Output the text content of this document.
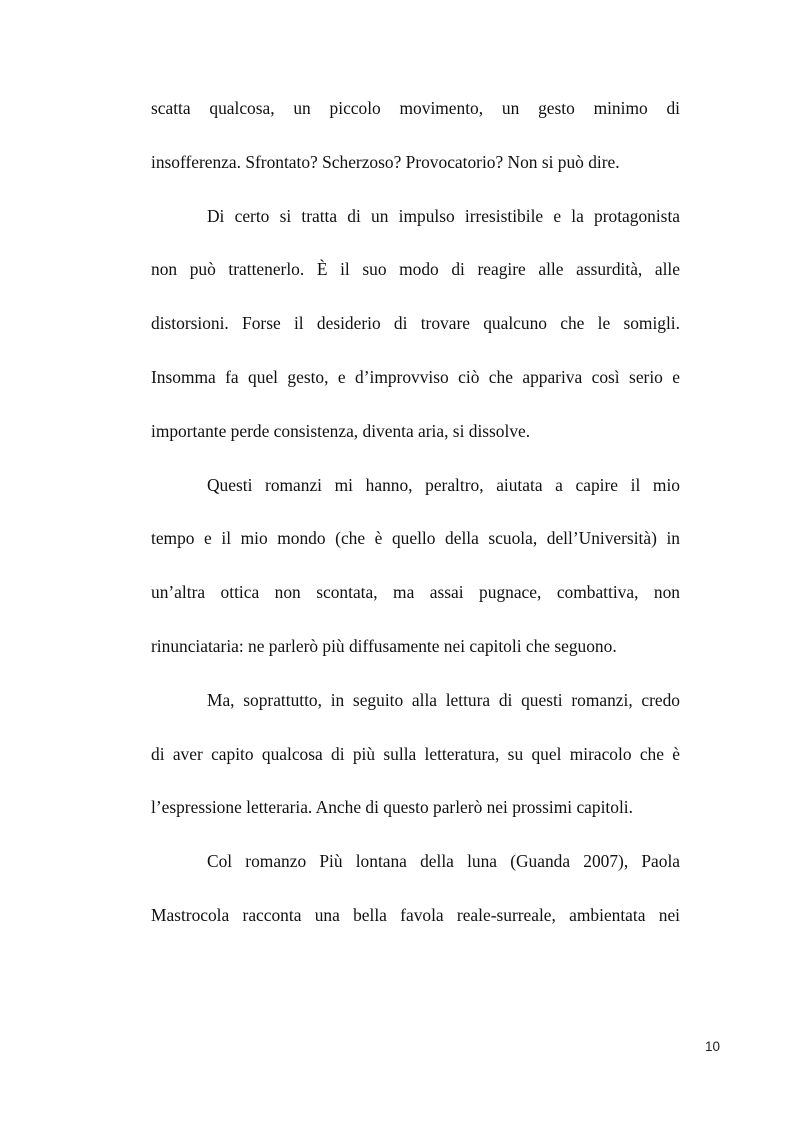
scatta qualcosa, un piccolo movimento, un gesto minimo di
insofferenza. Sfrontato? Scherzoso? Provocatorio? Non si può dire.
Di certo si tratta di un impulso irresistibile e la protagonista
non può trattenerlo. È il suo modo di reagire alle assurdità, alle
distorsioni. Forse il desiderio di trovare qualcuno che le somigli.
Insomma fa quel gesto, e d’improvviso ciò che appariva così serio e
importante perde consistenza, diventa aria, si dissolve.
Questi romanzi mi hanno, peraltro, aiutata a capire il mio
tempo e il mio mondo (che è quello della scuola, dell’Università) in
un’altra ottica non scontata, ma assai pugnace, combattiva, non
rinunciataria: ne parlerò più diffusamente nei capitoli che seguono.
Ma, soprattutto, in seguito alla lettura di questi romanzi, credo
di aver capito qualcosa di più sulla letteratura, su quel miracolo che è
l’espressione letteraria. Anche di questo parlerò nei prossimi capitoli.
Col romanzo Più lontana della luna (Guanda 2007), Paola
Mastrocola racconta una bella favola reale-surreale, ambientata nei
10
